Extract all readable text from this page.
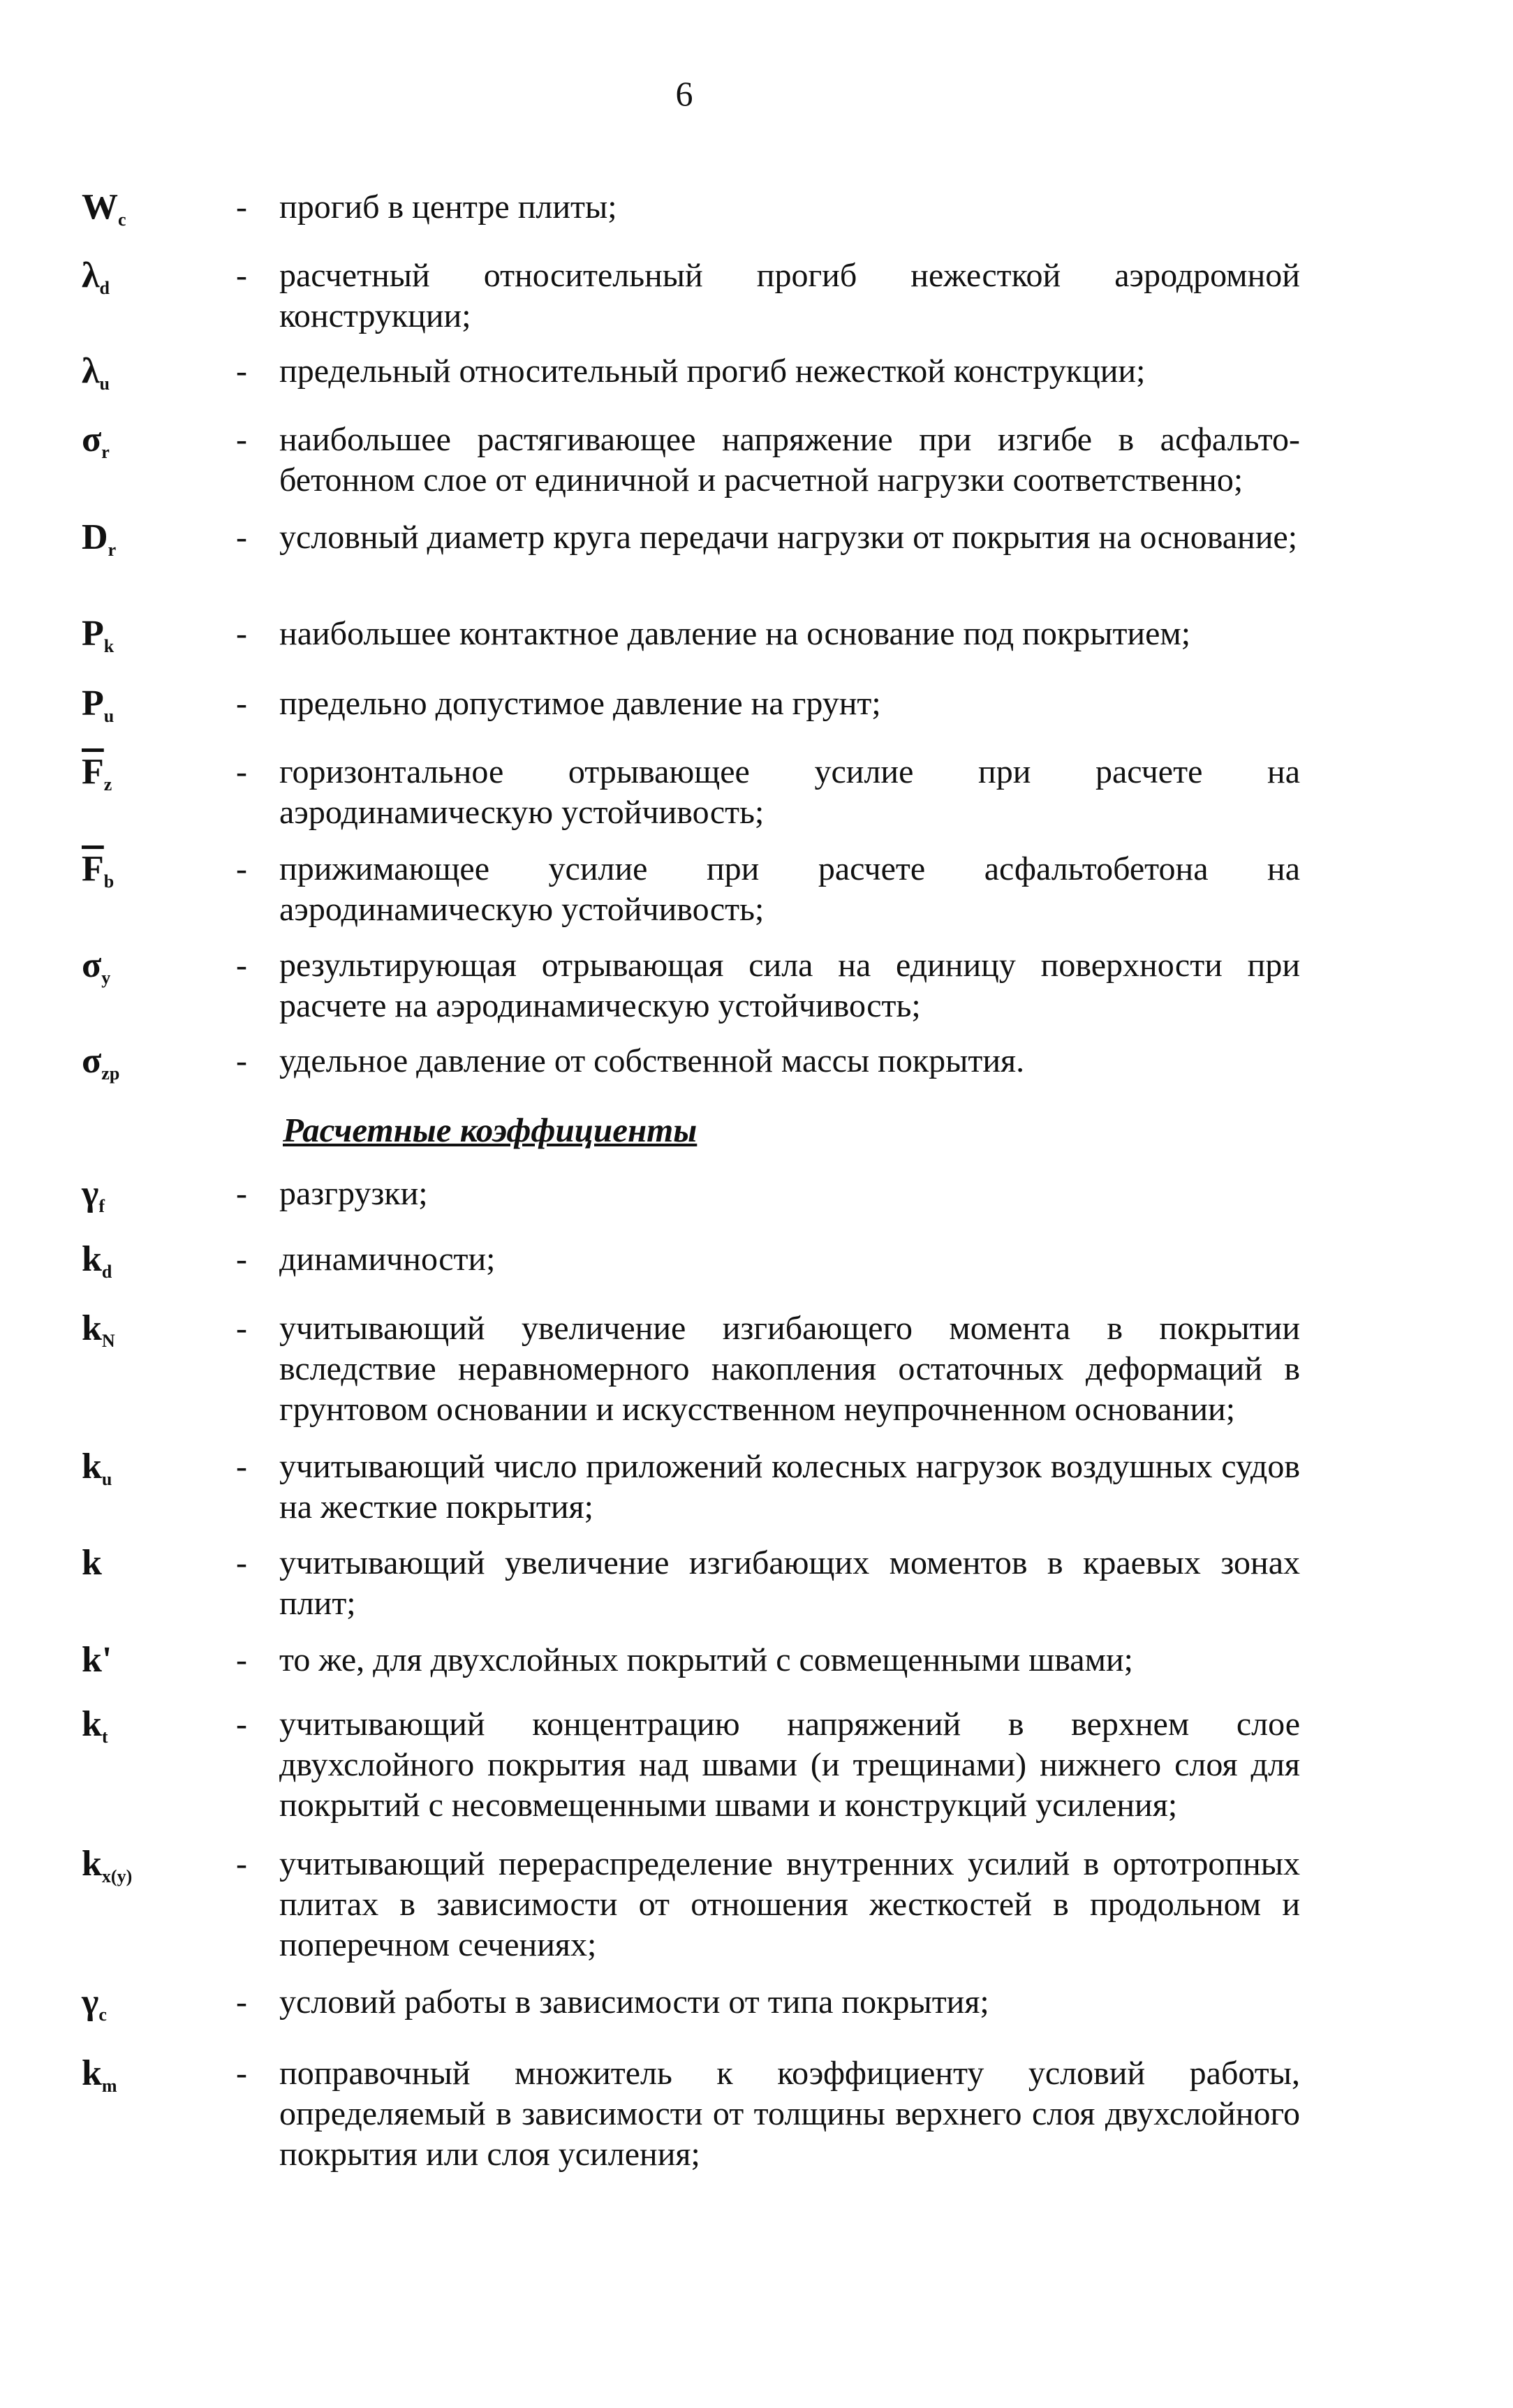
6
$W_c$	- прогиб в центре плиты;
$\lambda_d$	- расчетный относительный прогиб нежесткой аэродромной конструкции;
$\lambda_u$	- предельный относительный прогиб нежесткой конструкции;
$\sigma_r$	- наибольшее растягивающее напряжение при изгибе в асфальто-бетонном слое от единичной и расчетной нагрузки соответственно;
$D_r$	- условный диаметр круга передачи нагрузки от покрытия на основание;
$P_k$	- наибольшее контактное давление на основание под покрытием;
$P_u$	- предельно допустимое давление на грунт;
$\overline{F}_z$	- горизонтальное отрывающее усилие при расчете на аэродинамическую устойчивость;
$\overline{F}_b$	- прижимающее усилие при расчете асфальтобетона на аэродинамическую устойчивость;
$\sigma_y$	- результирующая отрывающая сила на единицу поверхности при расчете на аэродинамическую устойчивость;
$\sigma_{zp}$	- удельное давление от собственной массы покрытия.
Расчетные коэффициенты
$\gamma_f$	- разгрузки;
$k_d$	- динамичности;
$k_N$	- учитывающий увеличение изгибающего момента в покрытии вследствие неравномерного накопления остаточных деформаций в грунтовом основании и искусственном неупрочненном основании;
$k_u$	- учитывающий число приложений колесных нагрузок воздушных судов на жесткие покрытия;
k	- учитывающий увеличение изгибающих моментов в краевых зонах плит;
k'	- то же, для двухслойных покрытий с совмещенными швами;
$k_t$	- учитывающий концентрацию напряжений в верхнем слое двухслойного покрытия над швами (и трещинами) нижнего слоя для покрытий с несовмещенными швами и конструкций усиления;
$k_{x(y)}$	- учитывающий перераспределение внутренних усилий в ортотропных плитах в зависимости от отношения жесткостей в продольном и поперечном сечениях;
$\gamma_c$	- условий работы в зависимости от типа покрытия;
$k_m$	- поправочный множитель к коэффициенту условий работы, определяемый в зависимости от толщины верхнего слоя двухслойного покрытия или слоя усиления;
